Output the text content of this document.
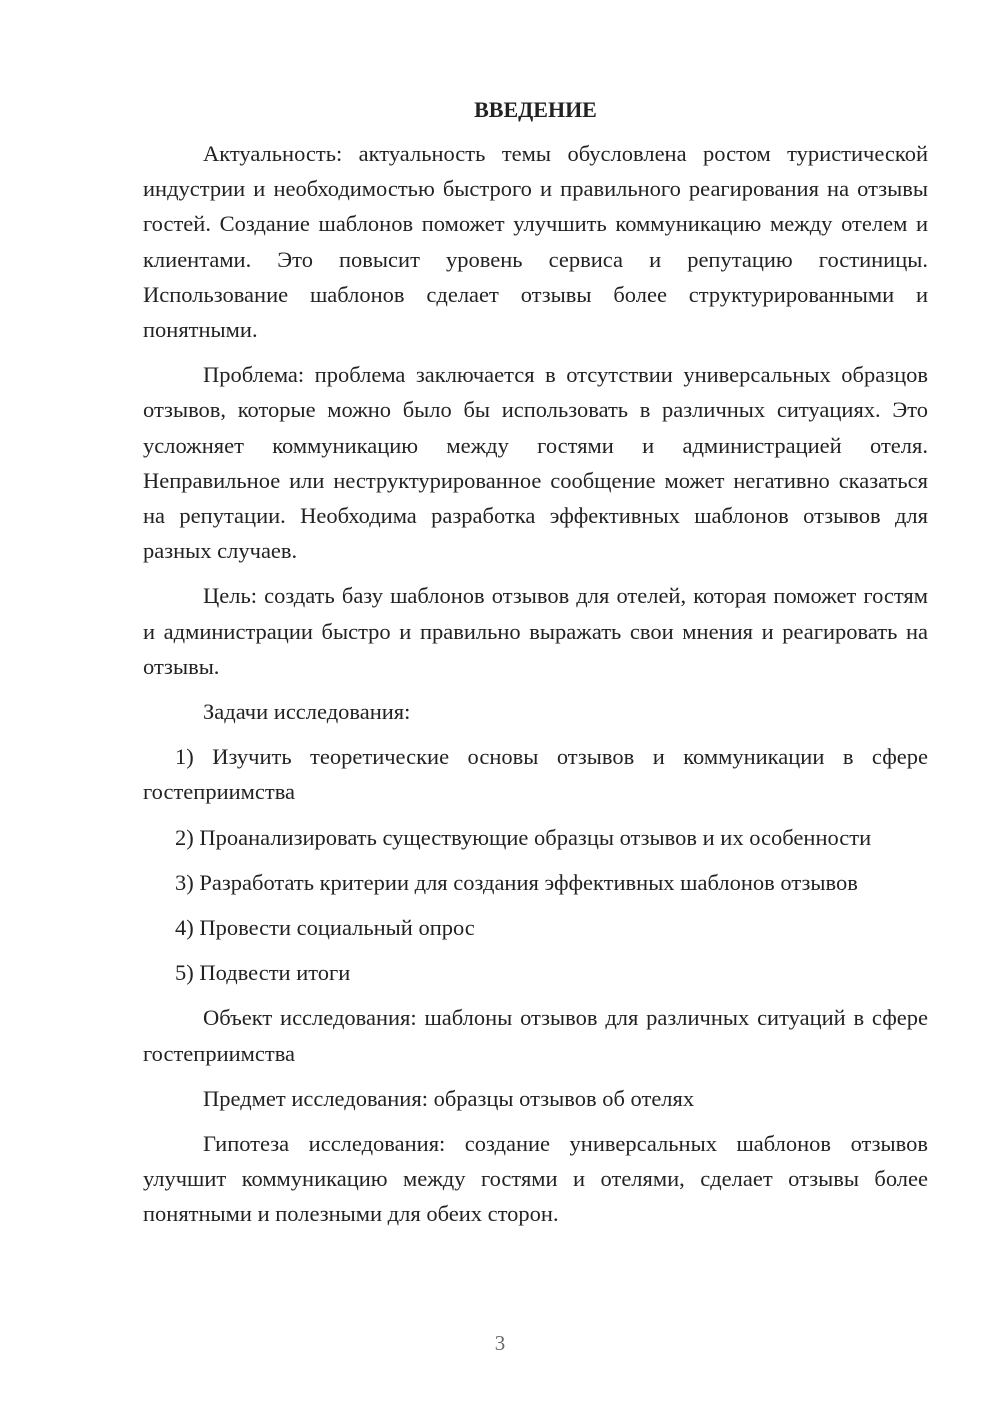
ВВЕДЕНИЕ

Актуальность: актуальность темы обусловлена ростом туристической индустрии и необходимостью быстрого и правильного реагирования на отзывы гостей. Создание шаблонов поможет улучшить коммуникацию между отелем и клиентами. Это повысит уровень сервиса и репутацию гостиницы. Использование шаблонов сделает отзывы более структурированными и понятными.

Проблема: проблема заключается в отсутствии универсальных образцов отзывов, которые можно было бы использовать в различных ситуациях. Это усложняет коммуникацию между гостями и администрацией отеля. Неправильное или неструктурированное сообщение может негативно сказаться на репутации. Необходима разработка эффективных шаблонов отзывов для разных случаев.

Цель: создать базу шаблонов отзывов для отелей, которая поможет гостям и администрации быстро и правильно выражать свои мнения и реагировать на отзывы.

Задачи исследования:

1) Изучить теоретические основы отзывов и коммуникации в сфере гостеприимства

2) Проанализировать существующие образцы отзывов и их особенности

3) Разработать критерии для создания эффективных шаблонов отзывов

4) Провести социальный опрос

5) Подвести итоги

Объект исследования: шаблоны отзывов для различных ситуаций в сфере гостеприимства

Предмет исследования: образцы отзывов об отелях

Гипотеза исследования: создание универсальных шаблонов отзывов улучшит коммуникацию между гостями и отелями, сделает отзывы более понятными и полезными для обеих сторон.

3
